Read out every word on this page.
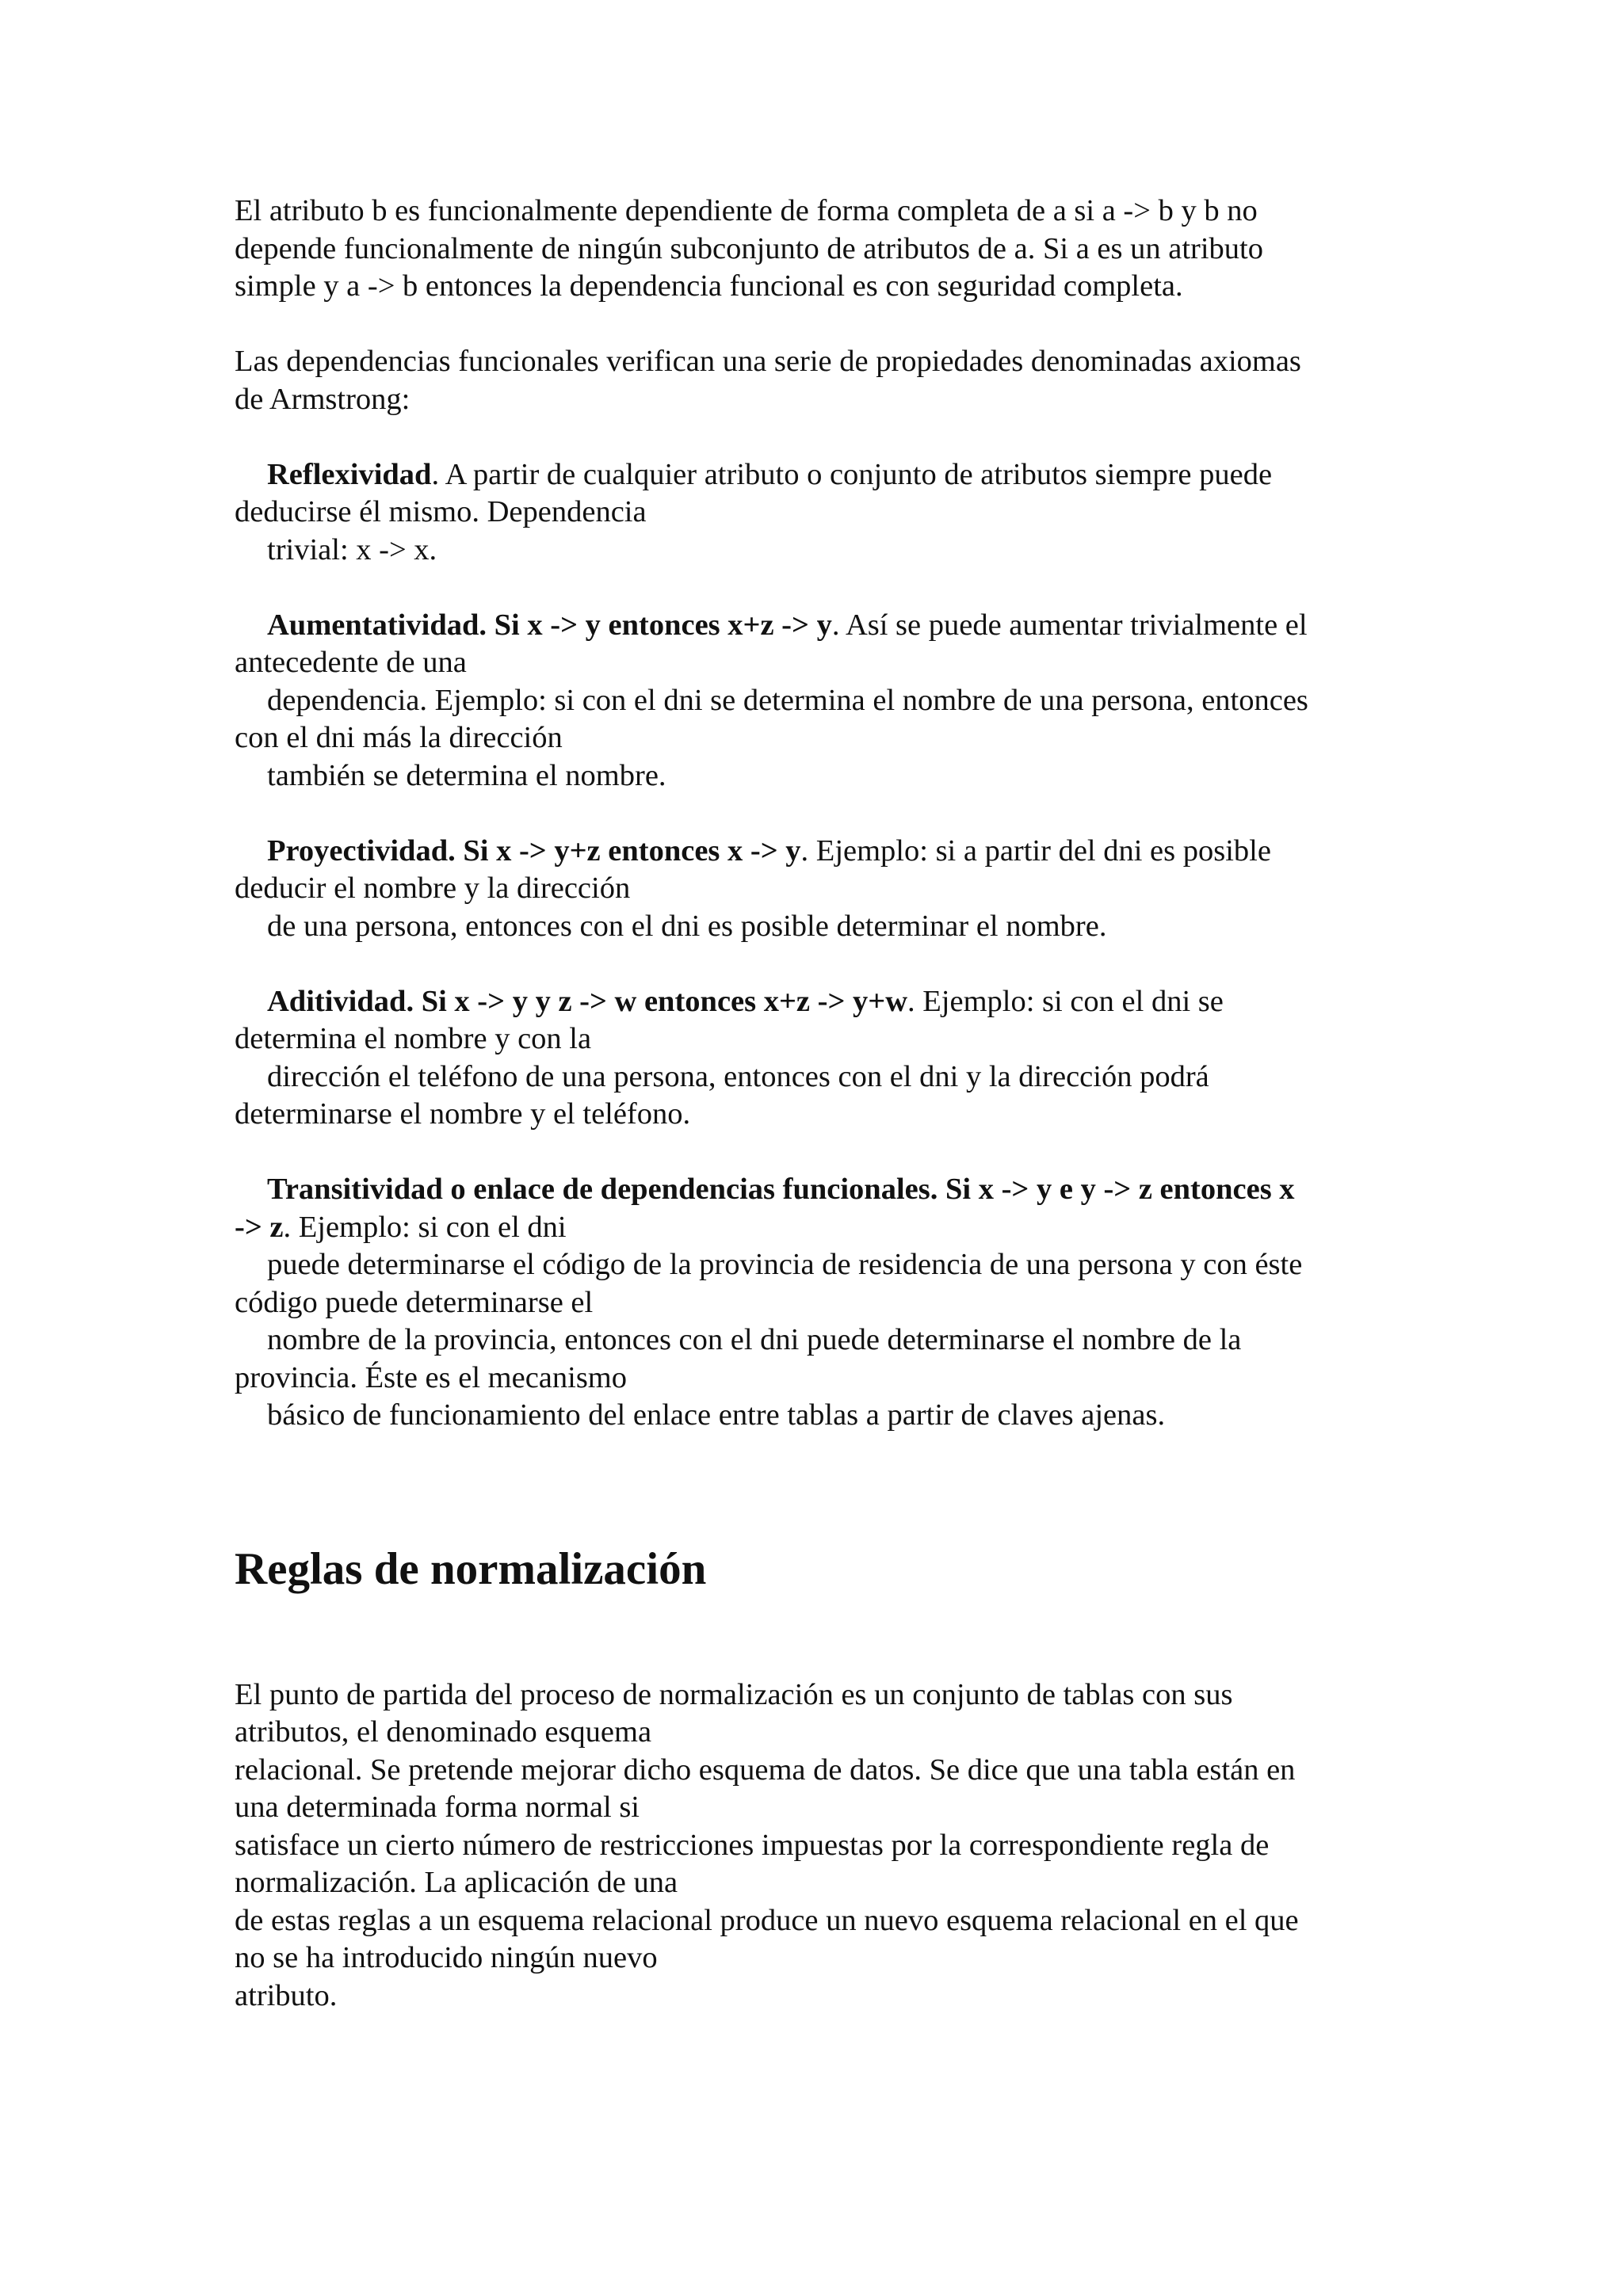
El atributo b es funcionalmente dependiente de forma completa de a si a -> b y b no
depende funcionalmente de ningún subconjunto de atributos de a. Si a es un atributo
simple y a -> b entonces la dependencia funcional es con seguridad completa.

Las dependencias funcionales verifican una serie de propiedades denominadas axiomas
de Armstrong:

Reflexividad. A partir de cualquier atributo o conjunto de atributos siempre puede
deducirse él mismo. Dependencia
trivial: x -> x.

Aumentatividad. Si x -> y entonces x+z -> y. Así se puede aumentar trivialmente el
antecedente de una
dependencia. Ejemplo: si con el dni se determina el nombre de una persona, entonces
con el dni más la dirección
también se determina el nombre.

Proyectividad. Si x -> y+z entonces x -> y. Ejemplo: si a partir del dni es posible
deducir el nombre y la dirección
de una persona, entonces con el dni es posible determinar el nombre.

Aditividad. Si x -> y y z -> w entonces x+z -> y+w. Ejemplo: si con el dni se
determina el nombre y con la
dirección el teléfono de una persona, entonces con el dni y la dirección podrá
determinarse el nombre y el teléfono.

Transitividad o enlace de dependencias funcionales. Si x -> y e y -> z entonces x
-> z. Ejemplo: si con el dni
puede determinarse el código de la provincia de residencia de una persona y con éste
código puede determinarse el
nombre de la provincia, entonces con el dni puede determinarse el nombre de la
provincia. Éste es el mecanismo
básico de funcionamiento del enlace entre tablas a partir de claves ajenas.

Reglas de normalización

El punto de partida del proceso de normalización es un conjunto de tablas con sus
atributos, el denominado esquema
relacional. Se pretende mejorar dicho esquema de datos. Se dice que una tabla están en
una determinada forma normal si
satisface un cierto número de restricciones impuestas por la correspondiente regla de
normalización. La aplicación de una
de estas reglas a un esquema relacional produce un nuevo esquema relacional en el que
no se ha introducido ningún nuevo
atributo.
